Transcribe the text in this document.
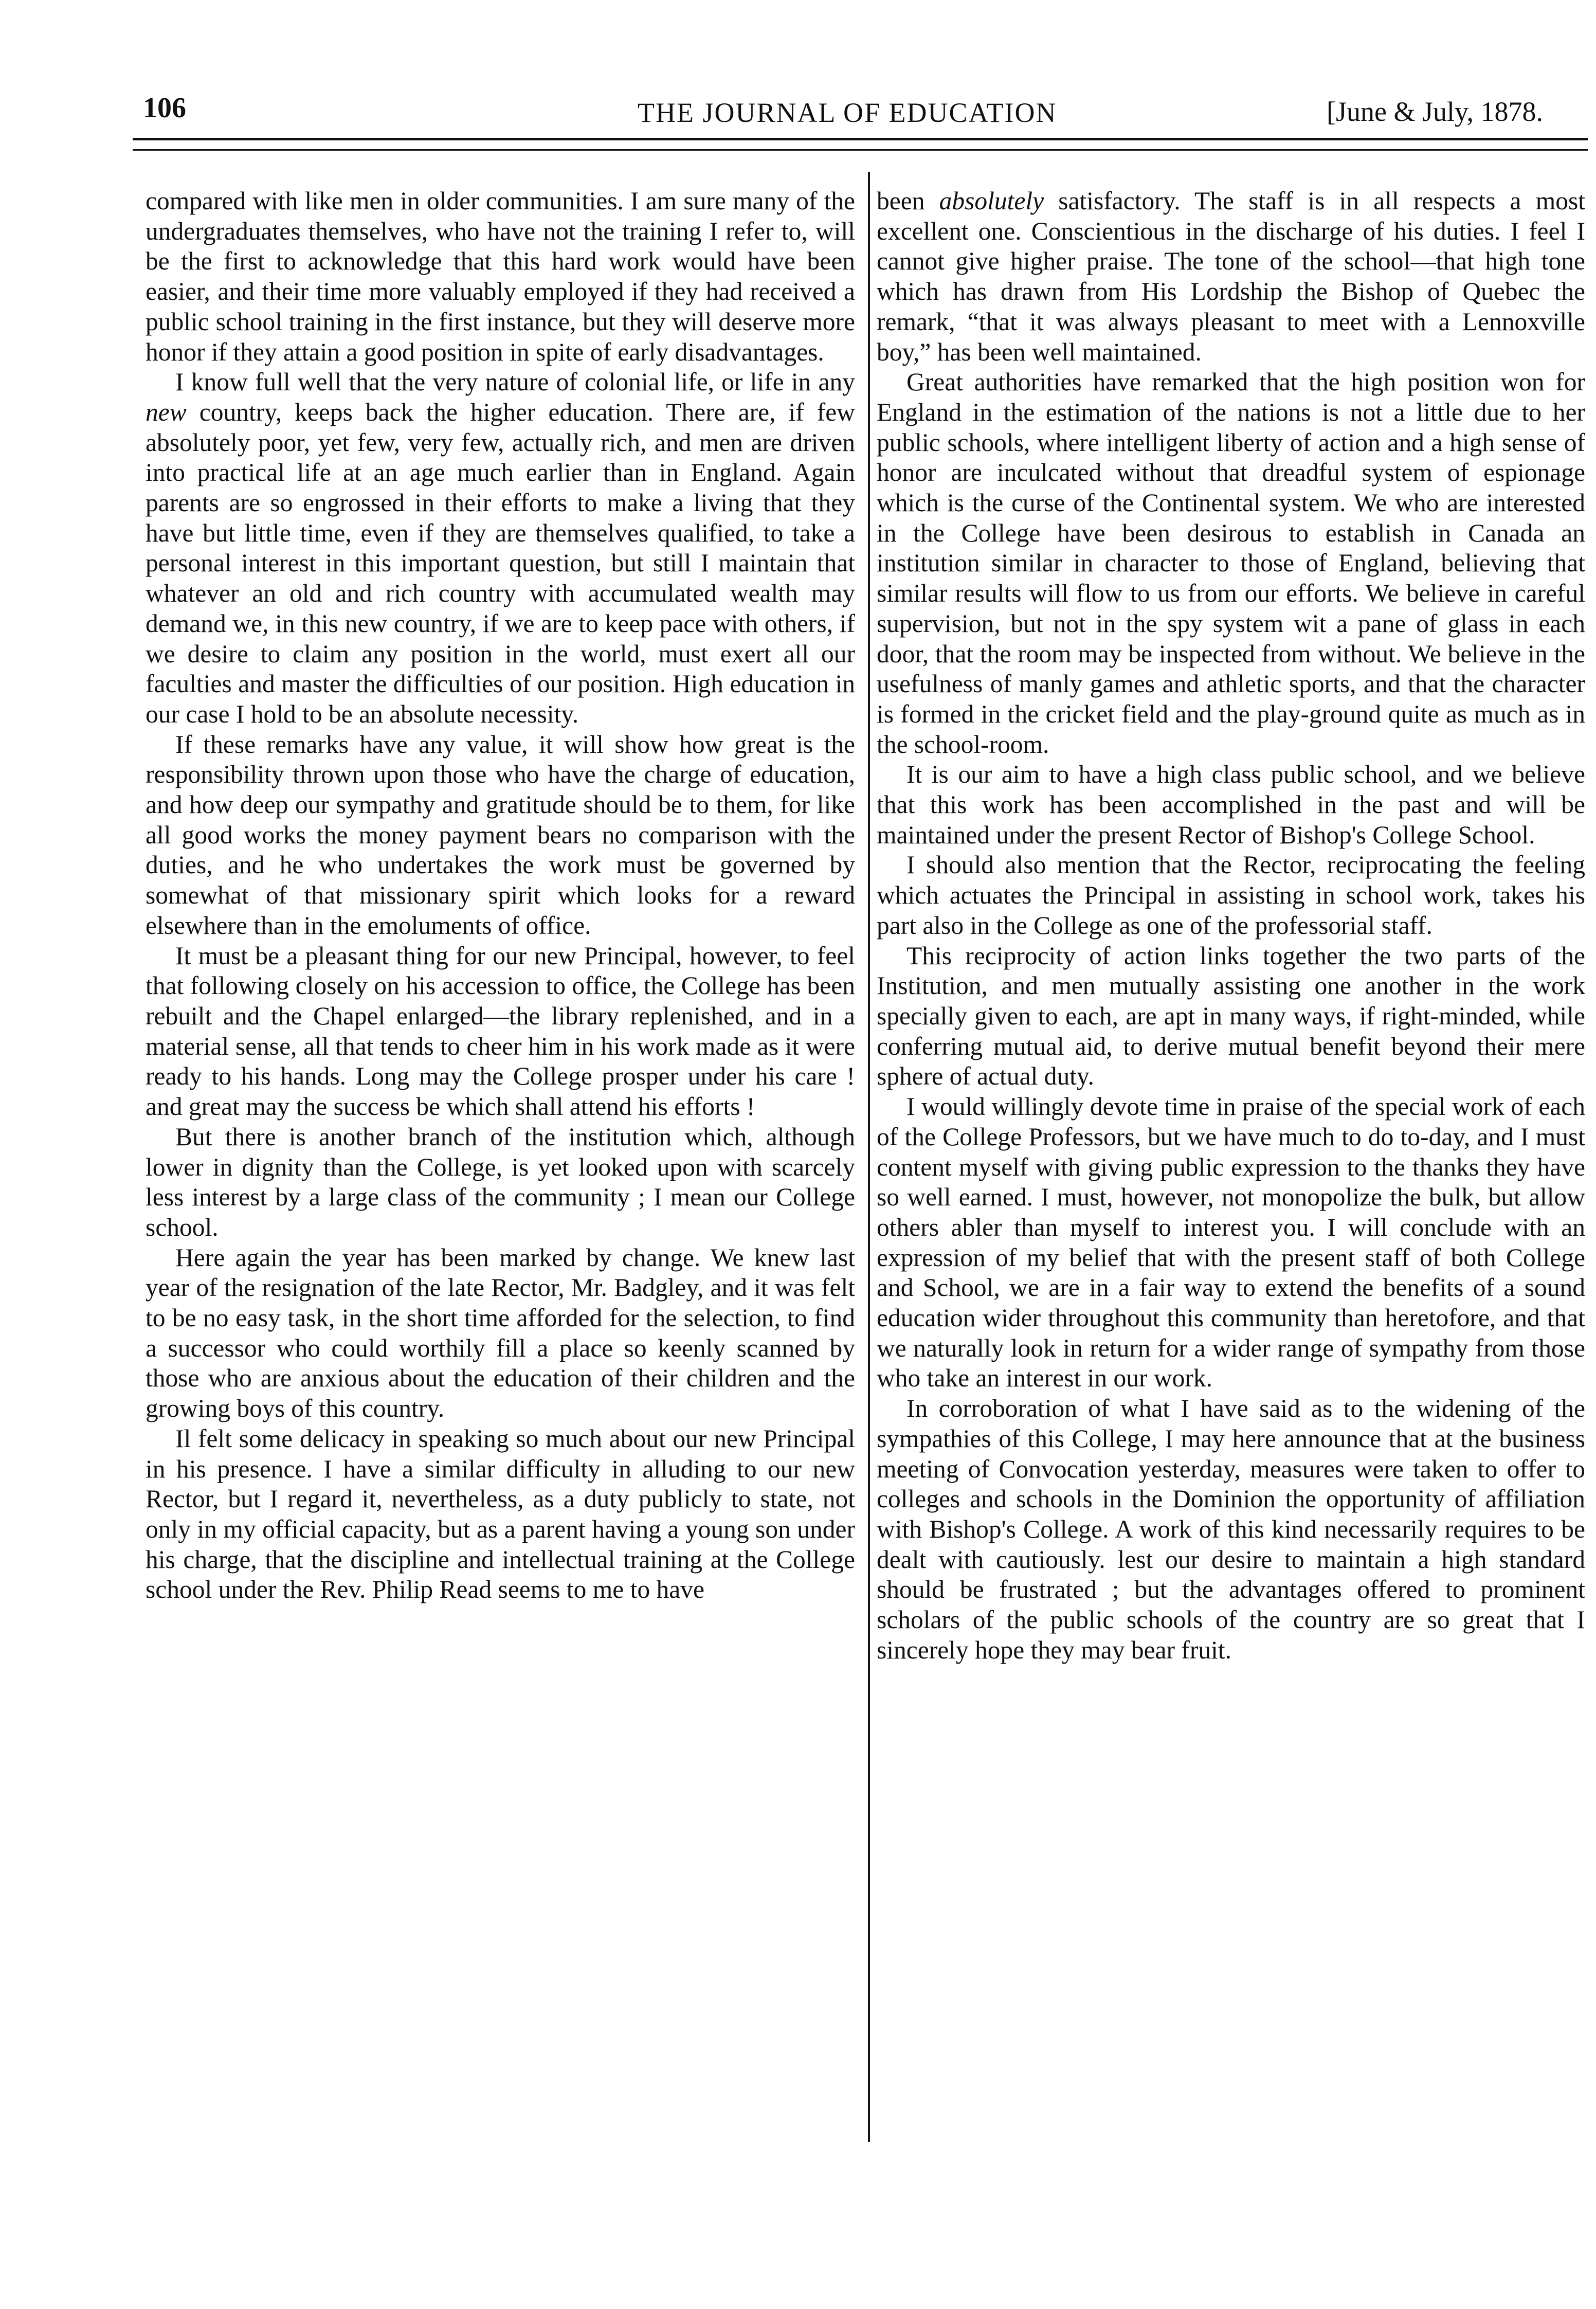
106	THE JOURNAL OF EDUCATION	[June & July, 1878.

compared with like men in older communities. I am sure many of the undergraduates themselves, who have not the training I refer to, will be the first to acknowledge that this hard work would have been easier, and their time more valuably employed if they had received a public school training in the first instance, but they will deserve more honor if they attain a good position in spite of early disadvantages.

I know full well that the very nature of colonial life, or life in any new country, keeps back the higher education. There are, if few absolutely poor, yet few, very few, actually rich, and men are driven into practical life at an age much earlier than in England. Again parents are so engrossed in their efforts to make a living that they have but little time, even if they are themselves qualified, to take a personal interest in this important question, but still I maintain that whatever an old and rich country with accumulated wealth may demand we, in this new country, if we are to keep pace with others, if we desire to claim any position in the world, must exert all our faculties and master the difficulties of our position. High education in our case I hold to be an absolute necessity.

If these remarks have any value, it will show how great is the responsibility thrown upon those who have the charge of education, and how deep our sympathy and gratitude should be to them, for like all good works the money payment bears no comparison with the duties, and he who undertakes the work must be governed by somewhat of that missionary spirit which looks for a reward elsewhere than in the emoluments of office.

It must be a pleasant thing for our new Principal, however, to feel that following closely on his accession to office, the College has been rebuilt and the Chapel enlarged—the library replenished, and in a material sense, all that tends to cheer him in his work made as it were ready to his hands. Long may the College prosper under his care ! and great may the success be which shall attend his efforts !

But there is another branch of the institution which, although lower in dignity than the College, is yet looked upon with scarcely less interest by a large class of the community ; I mean our College school.

Here again the year has been marked by change. We knew last year of the resignation of the late Rector, Mr. Badgley, and it was felt to be no easy task, in the short time afforded for the selection, to find a successor who could worthily fill a place so keenly scanned by those who are anxious about the education of their children and the growing boys of this country.

Il felt some delicacy in speaking so much about our new Principal in his presence. I have a similar difficulty in alluding to our new Rector, but I regard it, nevertheless, as a duty publicly to state, not only in my official capacity, but as a parent having a young son under his charge, that the discipline and intellectual training at the College school under the Rev. Philip Read seems to me to have

been absolutely satisfactory. The staff is in all respects a most excellent one. Conscientious in the discharge of his duties. I feel I cannot give higher praise. The tone of the school—that high tone which has drawn from His Lordship the Bishop of Quebec the remark, “that it was always pleasant to meet with a Lennoxville boy,” has been well maintained.

Great authorities have remarked that the high position won for England in the estimation of the nations is not a little due to her public schools, where intelligent liberty of action and a high sense of honor are inculcated without that dreadful system of espionage which is the curse of the Continental system. We who are interested in the College have been desirous to establish in Canada an institution similar in character to those of England, believing that similar results will flow to us from our efforts. We believe in careful supervision, but not in the spy system wit a pane of glass in each door, that the room may be inspected from without. We believe in the usefulness of manly games and athletic sports, and that the character is formed in the cricket field and the play-ground quite as much as in the school-room.

It is our aim to have a high class public school, and we believe that this work has been accomplished in the past and will be maintained under the present Rector of Bishop's College School.

I should also mention that the Rector, reciprocating the feeling which actuates the Principal in assisting in school work, takes his part also in the College as one of the professorial staff.

This reciprocity of action links together the two parts of the Institution, and men mutually assisting one another in the work specially given to each, are apt in many ways, if right-minded, while conferring mutual aid, to derive mutual benefit beyond their mere sphere of actual duty.

I would willingly devote time in praise of the special work of each of the College Professors, but we have much to do to-day, and I must content myself with giving public expression to the thanks they have so well earned. I must, however, not monopolize the bulk, but allow others abler than myself to interest you. I will conclude with an expression of my belief that with the present staff of both College and School, we are in a fair way to extend the benefits of a sound education wider throughout this community than heretofore, and that we naturally look in return for a wider range of sympathy from those who take an interest in our work.

In corroboration of what I have said as to the widening of the sympathies of this College, I may here announce that at the business meeting of Convocation yesterday, measures were taken to offer to colleges and schools in the Dominion the opportunity of affiliation with Bishop's College. A work of this kind necessarily requires to be dealt with cautiously. lest our desire to maintain a high standard should be frustrated ; but the advantages offered to prominent scholars of the public schools of the country are so great that I sincerely hope they may bear fruit.
